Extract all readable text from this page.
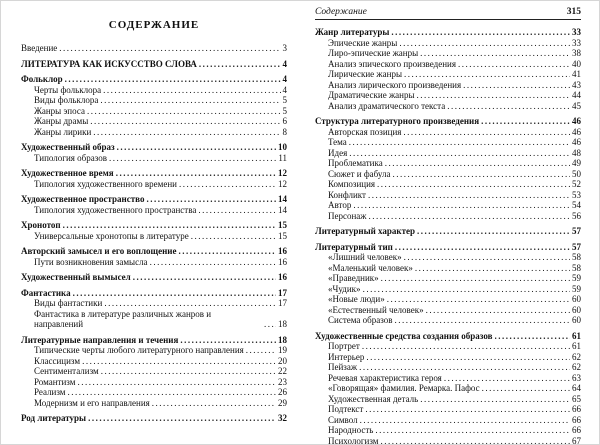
СОДЕРЖАНИЕ
Введение .....	3
ЛИТЕРАТУРА КАК ИСКУССТВО СЛОВА .....	4
Фольклор .....	4
Черты фольклора .....	4
Виды фольклора .....	5
Жанры эпоса .....	5
Жанры драмы .....	6
Жанры лирики .....	8
Художественный образ .....	10
Типология образов .....	11
Художественное время .....	12
Типология художественного времени .....	12
Художественное пространство .....	14
Типология художественного пространства .....	14
Хронотоп .....	15
Универсальные хронотопы в литературе .....	15
Авторский замысел и его воплощение .....	16
Пути возникновения замысла .....	16
Художественный вымысел .....	16
Фантастика .....	17
Виды фантастики .....	17
Фантастика в литературе различных жанров и направлений .....	18
Литературные направления и течения .....	18
Типические черты любого литературного направления .....	19
Классицизм .....	20
Сентиментализм .....	22
Романтизм .....	23
Реализм .....	26
Модернизм и его направления .....	29
Род литературы .....	32
Содержание	315
Жанр литературы .....	33
Эпические жанры .....	33
Лиро-эпические жанры .....	38
Анализ эпического произведения .....	40
Лирические жанры .....	41
Анализ лирического произведения .....	43
Драматические жанры .....	44
Анализ драматического текста .....	45
Структура литературного произведения .....	46
Авторская позиция .....	46
Тема .....	46
Идея .....	48
Проблематика .....	49
Сюжет и фабула .....	50
Композиция .....	52
Конфликт .....	53
Автор .....	54
Персонаж .....	56
Литературный характер .....	57
Литературный тип .....	57
«Лишний человек» .....	58
«Маленький человек» .....	58
«Праведник» .....	59
«Чудик» .....	59
«Новые люди» .....	60
«Естественный человек» .....	60
Система образов .....	60
Художественные средства создания образов .....	61
Портрет .....	61
Интерьер .....	62
Пейзаж .....	62
Речевая характеристика героя .....	63
«Говорящая» фамилия. Ремарка. Пафос .....	64
Художественная деталь .....	65
Подтекст .....	66
Символ .....	66
Народность .....	66
Психологизм .....	67
